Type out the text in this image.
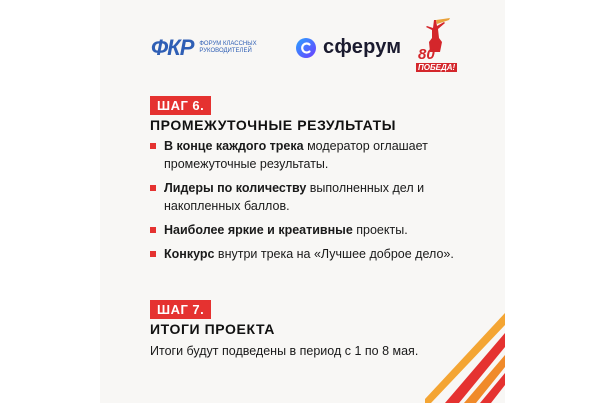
ФКР ФОРУМ КЛАССНЫХ РУКОВОДИТЕЛЕЙ	сферум 80
ПОБЕДА!
ШАГ 6.
ПРОМЕЖУТОЧНЫЕ РЕЗУЛЬТАТЫ
В конце каждого трека модератор оглашает промежуточные результаты.
Лидеры по количеству выполненных дел и накопленных баллов.
Наиболее яркие и креативные проекты.
Конкурс внутри трека на «Лучшее доброе дело».
ШАГ 7.
ИТОГИ ПРОЕКТА
Итоги будут подведены в период с 1 по 8 мая.
